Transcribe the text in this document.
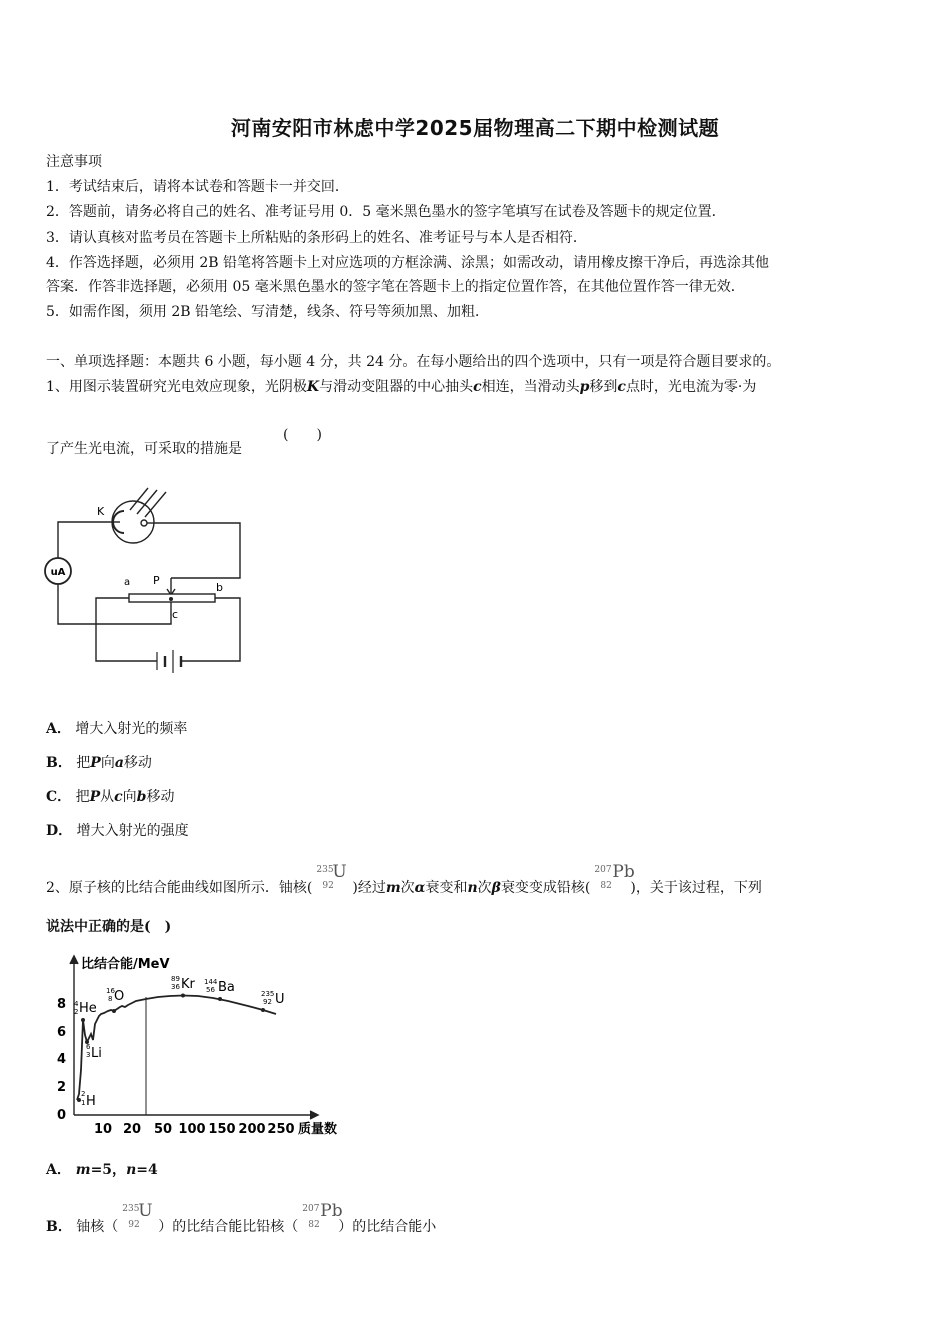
河南安阳市林虑中学2025届物理高二下期中检测试题
注意事项
1．考试结束后，请将本试卷和答题卡一并交回．
2．答题前，请务必将自己的姓名、准考证号用 0．5 毫米黑色墨水的签字笔填写在试卷及答题卡的规定位置．
3．请认真核对监考员在答题卡上所粘贴的条形码上的姓名、准考证号与本人是否相符．
4．作答选择题，必须用 2B 铅笔将答题卡上对应选项的方框涂满、涂黑；如需改动，请用橡皮擦干净后，再选涂其他
答案．作答非选择题，必须用 05 毫米黑色墨水的签字笔在答题卡上的指定位置作答，在其他位置作答一律无效．
5．如需作图，须用 2B 铅笔绘、写清楚，线条、符号等须加黑、加粗．
一、单项选择题：本题共 6 小题，每小题 4 分，共 24 分。在每小题给出的四个选项中，只有一项是符合题目要求的。
1、用图示装置研究光电效应现象，光阴极K与滑动变阻器的中心抽头c相连，当滑动头p移到c点时，光电流为零·为
了产生光电流，可采取的措施是
(　　)
K
uA
a P
b
c
A． 增大入射光的频率
B． 把P向a移动
C． 把P从c向b移动
D． 增大入射光的强度
2、原子核的比结合能曲线如图所示．铀核(
235
92
U
)经过m次α衰变和n次β衰变变成铅核(
207
82
Pb
)，关于该过程，下列
说法中正确的是(　)
比结合能/MeV
质量数
0
2
4
6
8
10 20 50 100 150 200 250
2
1 H
6
3 Li
4
2 He
16
8 O
89
36 Kr 144
56 Ba	235
92 U
A． m=5，n=4
B． 铀核（
235
92
U
）的比结合能比铅核（
207
82
Pb
）的比结合能小
